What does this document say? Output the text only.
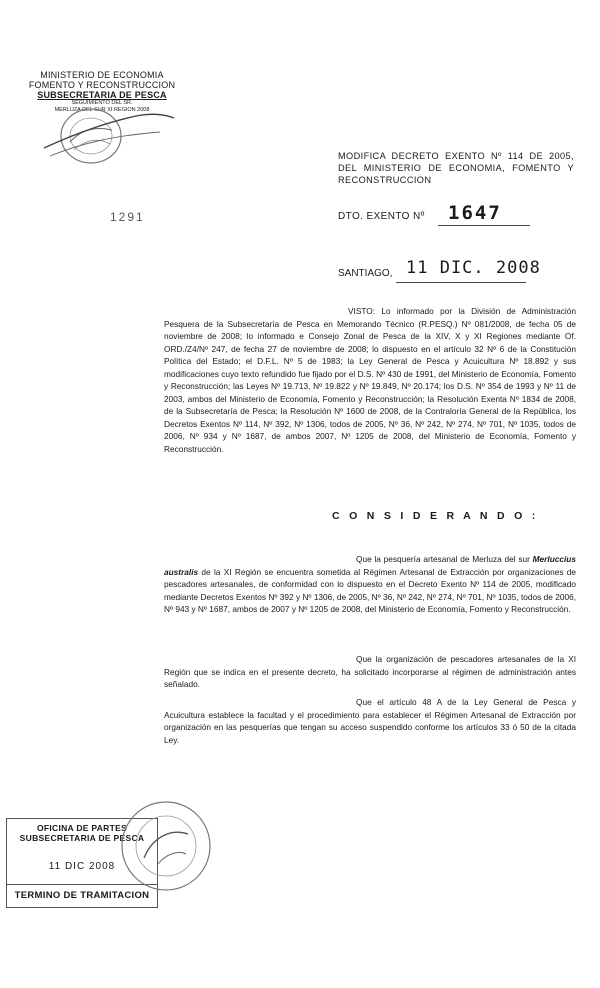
MINISTERIO DE ECONOMIA
FOMENTO Y RECONSTRUCCION
SUBSECRETARIA DE PESCA
SEGUIMIENTO DEL SR.
MERLUZA DEL SUR XI REGION 2008
1291
MODIFICA DECRETO EXENTO Nº 114 DE 2005, DEL MINISTERIO DE ECONOMIA, FOMENTO Y RECONSTRUCCION
DTO. EXENTO Nº 1647
SANTIAGO, 11 DIC. 2008

VISTO: Lo informado por la División de Administración Pesquera de la Subsecretaría de Pesca en Memorando Técnico (R.PESQ.) Nº 081/2008, de fecha 05 de noviembre de 2008; lo informado e Consejo Zonal de Pesca de la XIV, X y XI Regiones mediante Of. ORD./Z4/Nº 247, de fecha 27 de noviembre de 2008; lo dispuesto en el artículo 32 Nº 6 de la Constitución Política del Estado; el D.F.L. Nº 5 de 1983; la Ley General de Pesca y Acuicultura Nº 18.892 y sus modificaciones cuyo texto refundido fue fijado por el D.S. Nº 430 de 1991, del Ministerio de Economía, Fomento y Reconstrucción; las Leyes Nº 19.713, Nº 19.822 y Nº 19.849, Nº 20.174; los D.S. Nº 354 de 1993 y Nº 11 de 2003, ambos del Ministerio de Economía, Fomento y Reconstrucción; la Resolución Exenta Nº 1834 de 2008, de la Subsecretaría de Pesca; la Resolución Nº 1600 de 2008, de la Contraloría General de la República, los Decretos Exentos Nº 114, Nº 392, Nº 1306, todos de 2005, Nº 36, Nº 242, Nº 274, Nº 701, Nº 1035, todos de 2006, Nº 934 y Nº 1687, de ambos 2007, Nº 1205 de 2008, del Ministerio de Economía, Fomento y Reconstrucción.

C O N S I D E R A N D O :

Que la pesquería artesanal de Merluza del sur Merluccius australis de la XI Región se encuentra sometida al Régimen Artesanal de Extracción por organizaciones de pescadores artesanales, de conformidad con lo dispuesto en el Decreto Exento Nº 114 de 2005, modificado mediante Decretos Exentos Nº 392 y Nº 1306, de 2005, Nº 36, Nº 242, Nº 274, Nº 701, Nº 1035, todos de 2006, Nº 943 y Nº 1687, ambos de 2007 y Nº 1205 de 2008, del Ministerio de Economía, Fomento y Reconstrucción.

Que la organización de pescadores artesanales de la XI Región que se indica en el presente decreto, ha solicitado incorporarse al régimen de administración antes señalado.

Que el artículo 48 A de la Ley General de Pesca y Acuicultura establece la facultad y el procedimiento para establecer el Régimen Artesanal de Extracción por organización en las pesquerías que tengan su acceso suspendido conforme los artículos 33 ó 50 de la citada Ley.

OFICINA DE PARTES
SUBSECRETARIA DE PESCA
11 DIC 2008
TERMINO DE TRAMITACION
